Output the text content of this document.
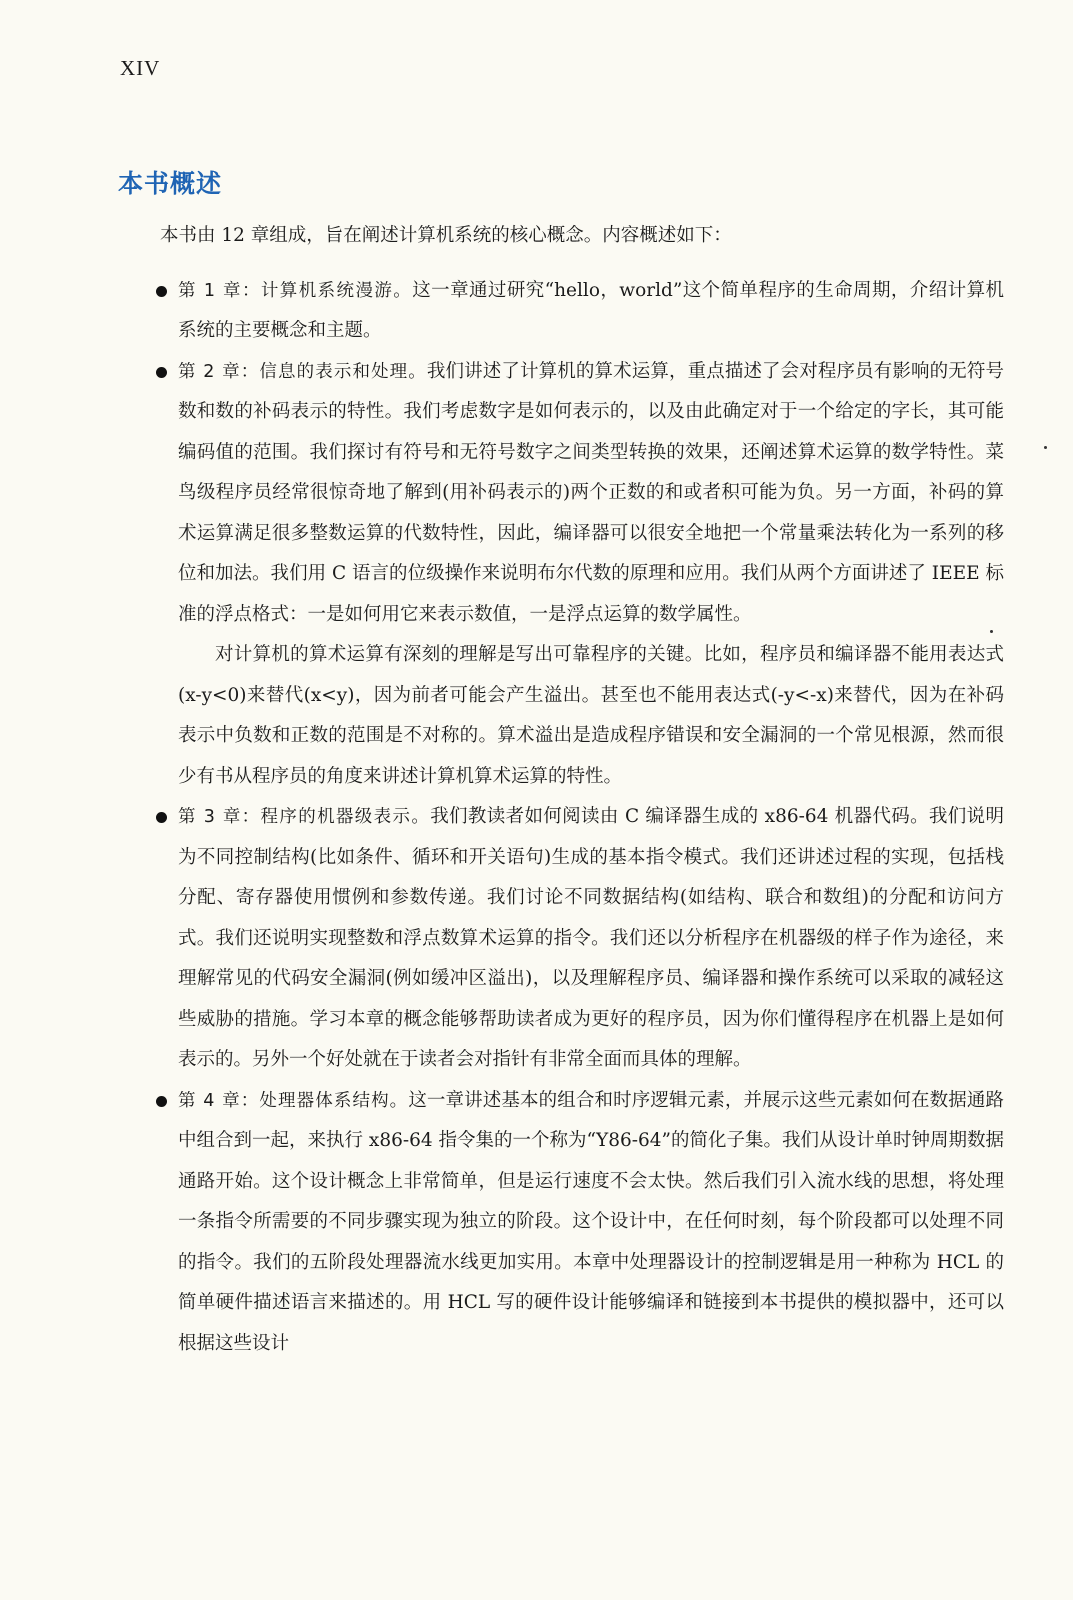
XIV
本书概述

本书由 12 章组成，旨在阐述计算机系统的核心概念。内容概述如下：

第 1 章：计算机系统漫游。这一章通过研究“hello，world”这个简单程序的生命周期，介绍计算机系统的主要概念和主题。

第 2 章：信息的表示和处理。我们讲述了计算机的算术运算，重点描述了会对程序员有影响的无符号数和数的补码表示的特性。我们考虑数字是如何表示的，以及由此确定对于一个给定的字长，其可能编码值的范围。我们探讨有符号和无符号数字之间类型转换的效果，还阐述算术运算的数学特性。菜鸟级程序员经常很惊奇地了解到(用补码表示的)两个正数的和或者积可能为负。另一方面，补码的算术运算满足很多整数运算的代数特性，因此，编译器可以很安全地把一个常量乘法转化为一系列的移位和加法。我们用 C 语言的位级操作来说明布尔代数的原理和应用。我们从两个方面讲述了 IEEE 标准的浮点格式：一是如何用它来表示数值，一是浮点运算的数学属性。

对计算机的算术运算有深刻的理解是写出可靠程序的关键。比如，程序员和编译器不能用表达式(x-y<0)来替代(x<y)，因为前者可能会产生溢出。甚至也不能用表达式(-y<-x)来替代，因为在补码表示中负数和正数的范围是不对称的。算术溢出是造成程序错误和安全漏洞的一个常见根源，然而很少有书从程序员的角度来讲述计算机算术运算的特性。

第 3 章：程序的机器级表示。我们教读者如何阅读由 C 编译器生成的 x86-64 机器代码。我们说明为不同控制结构(比如条件、循环和开关语句)生成的基本指令模式。我们还讲述过程的实现，包括栈分配、寄存器使用惯例和参数传递。我们讨论不同数据结构(如结构、联合和数组)的分配和访问方式。我们还说明实现整数和浮点数算术运算的指令。我们还以分析程序在机器级的样子作为途径，来理解常见的代码安全漏洞(例如缓冲区溢出)，以及理解程序员、编译器和操作系统可以采取的减轻这些威胁的措施。学习本章的概念能够帮助读者成为更好的程序员，因为你们懂得程序在机器上是如何表示的。另外一个好处就在于读者会对指针有非常全面而具体的理解。

第 4 章：处理器体系结构。这一章讲述基本的组合和时序逻辑元素，并展示这些元素如何在数据通路中组合到一起，来执行 x86-64 指令集的一个称为“Y86-64”的简化子集。我们从设计单时钟周期数据通路开始。这个设计概念上非常简单，但是运行速度不会太快。然后我们引入流水线的思想，将处理一条指令所需要的不同步骤实现为独立的阶段。这个设计中，在任何时刻，每个阶段都可以处理不同的指令。我们的五阶段处理器流水线更加实用。本章中处理器设计的控制逻辑是用一种称为 HCL 的简单硬件描述语言来描述的。用 HCL 写的硬件设计能够编译和链接到本书提供的模拟器中，还可以根据这些设计
